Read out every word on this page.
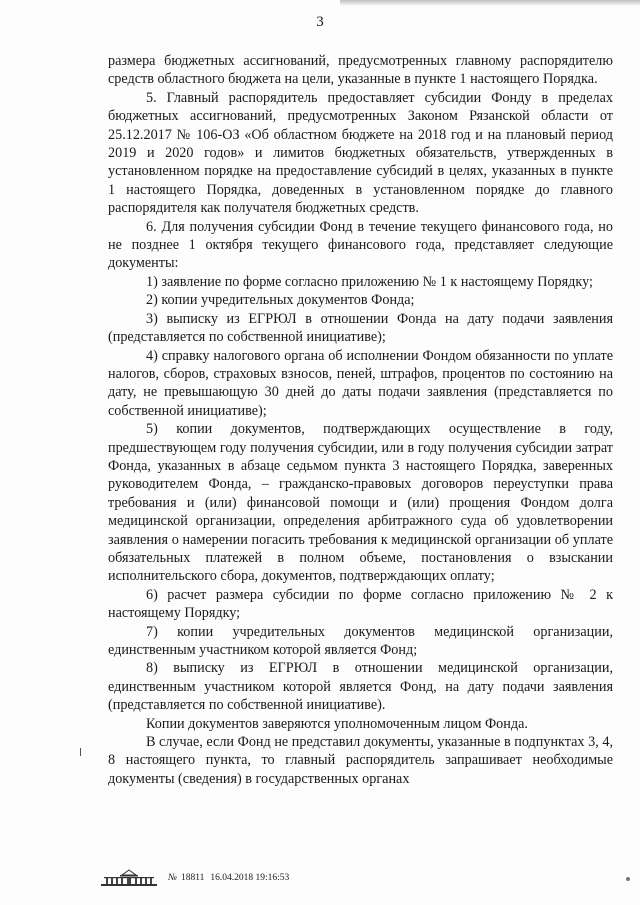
3

размера бюджетных ассигнований, предусмотренных главному распорядителю средств областного бюджета на цели, указанные в пункте 1 настоящего Порядка.

5. Главный распорядитель предоставляет субсидии Фонду в пределах бюджетных ассигнований, предусмотренных Законом Рязанской области от 25.12.2017 № 106-ОЗ «Об областном бюджете на 2018 год и на плановый период 2019 и 2020 годов» и лимитов бюджетных обязательств, утвержденных в установленном порядке на предоставление субсидий в целях, указанных в пункте 1 настоящего Порядка, доведенных в установленном порядке до главного распорядителя как получателя бюджетных средств.

6. Для получения субсидии Фонд в течение текущего финансового года, но не позднее 1 октября текущего финансового года, представляет следующие документы:

1) заявление по форме согласно приложению № 1 к настоящему Порядку;

2) копии учредительных документов Фонда;

3) выписку из ЕГРЮЛ в отношении Фонда на дату подачи заявления (представляется по собственной инициативе);

4) справку налогового органа об исполнении Фондом обязанности по уплате налогов, сборов, страховых взносов, пеней, штрафов, процентов по состоянию на дату, не превышающую 30 дней до даты подачи заявления (представляется по собственной инициативе);

5) копии документов, подтверждающих осуществление в году, предшествующем году получения субсидии, или в году получения субсидии затрат Фонда, указанных в абзаце седьмом пункта 3 настоящего Порядка, заверенных руководителем Фонда, – гражданско-правовых договоров переуступки права требования и (или) финансовой помощи и (или) прощения Фондом долга медицинской организации, определения арбитражного суда об удовлетворении заявления о намерении погасить требования к медицинской организации об уплате обязательных платежей в полном объеме, постановления о взыскании исполнительского сбора, документов, подтверждающих оплату;

6) расчет размера субсидии по форме согласно приложению № 2 к настоящему Порядку;

7) копии учредительных документов медицинской организации, единственным участником которой является Фонд;

8) выписку из ЕГРЮЛ в отношении медицинской организации, единственным участником которой является Фонд, на дату подачи заявления (представляется по собственной инициативе).

Копии документов заверяются уполномоченным лицом Фонда.

В случае, если Фонд не представил документы, указанные в подпунктах 3, 4, 8 настоящего пункта, то главный распорядитель запрашивает необходимые документы (сведения) в государственных органах

№ 18811 16.04.2018 19:16:53
